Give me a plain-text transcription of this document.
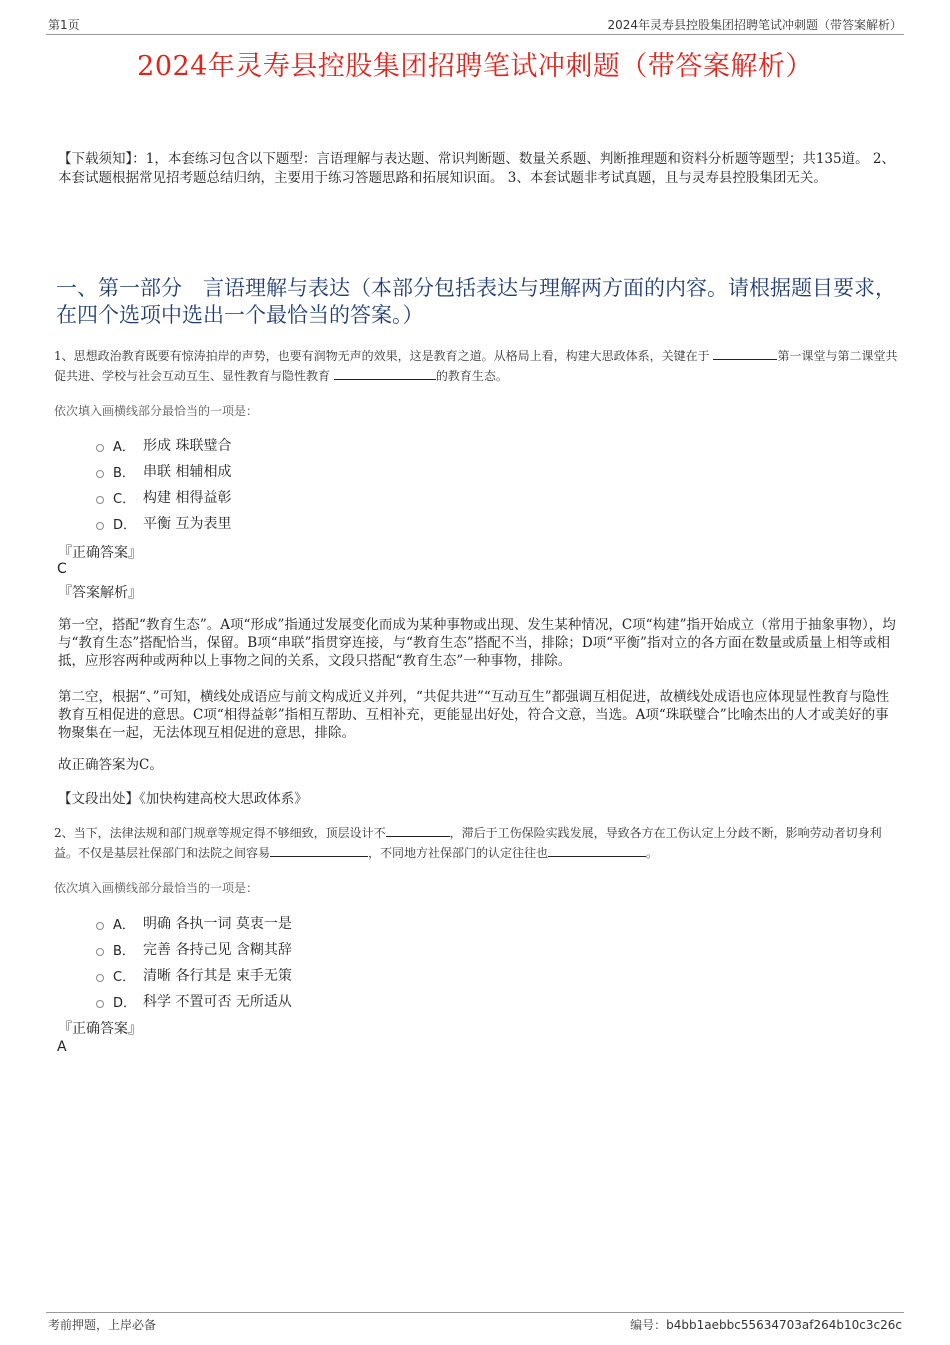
第1页	2024年灵寿县控股集团招聘笔试冲刺题（带答案解析）
2024年灵寿县控股集团招聘笔试冲刺题（带答案解析）
【下载须知】：1，本套练习包含以下题型：言语理解与表达题、常识判断题、数量关系题、判断推理题和资料分析题等题型；共135道。 2、本套试题根据常见招考题总结归纳，主要用于练习答题思路和拓展知识面。 3、本套试题非考试真题，且与灵寿县控股集团无关。
一、第一部分　言语理解与表达（本部分包括表达与理解两方面的内容。请根据题目要求，在四个选项中选出一个最恰当的答案。）
1、思想政治教育既要有惊涛拍岸的声势，也要有润物无声的效果，这是教育之道。从格局上看，构建大思政体系，关键在于	第一课堂与第二课堂共促共进、学校与社会互动互生、显性教育与隐性教育	的教育生态。
依次填入画横线部分最恰当的一项是：
A． 形成 珠联璧合
B． 串联 相辅相成
C． 构建 相得益彰
D． 平衡 互为表里
『正确答案』
C
『答案解析』
第一空，搭配“教育生态”。A项“形成”指通过发展变化而成为某种事物或出现、发生某种情况，C项“构建”指开始成立（常用于抽象事物），均与“教育生态”搭配恰当，保留。B项“串联”指贯穿连接，与“教育生态”搭配不当，排除；D项“平衡”指对立的各方面在数量或质量上相等或相抵，应形容两种或两种以上事物之间的关系，文段只搭配“教育生态”一种事物，排除。
第二空，根据“、”可知，横线处成语应与前文构成近义并列，“共促共进”“互动互生”都强调互相促进，故横线处成语也应体现显性教育与隐性教育互相促进的意思。C项“相得益彰”指相互帮助、互相补充，更能显出好处，符合文意，当选。A项“珠联璧合”比喻杰出的人才或美好的事物聚集在一起，无法体现互相促进的意思，排除。
故正确答案为C。
【文段出处】《加快构建高校大思政体系》
2、当下，法律法规和部门规章等规定得不够细致，顶层设计不	，滞后于工伤保险实践发展，导致各方在工伤认定上分歧不断，影响劳动者切身利益。不仅是基层社保部门和法院之间容易	，不同地方社保部门的认定往往也	。
依次填入画横线部分最恰当的一项是：
A． 明确 各执一词 莫衷一是
B． 完善 各持己见 含糊其辞
C． 清晰 各行其是 束手无策
D． 科学 不置可否 无所适从
『正确答案』
A
考前押题，上岸必备	编号：b4bb1aebbc55634703af264b10c3c26c
